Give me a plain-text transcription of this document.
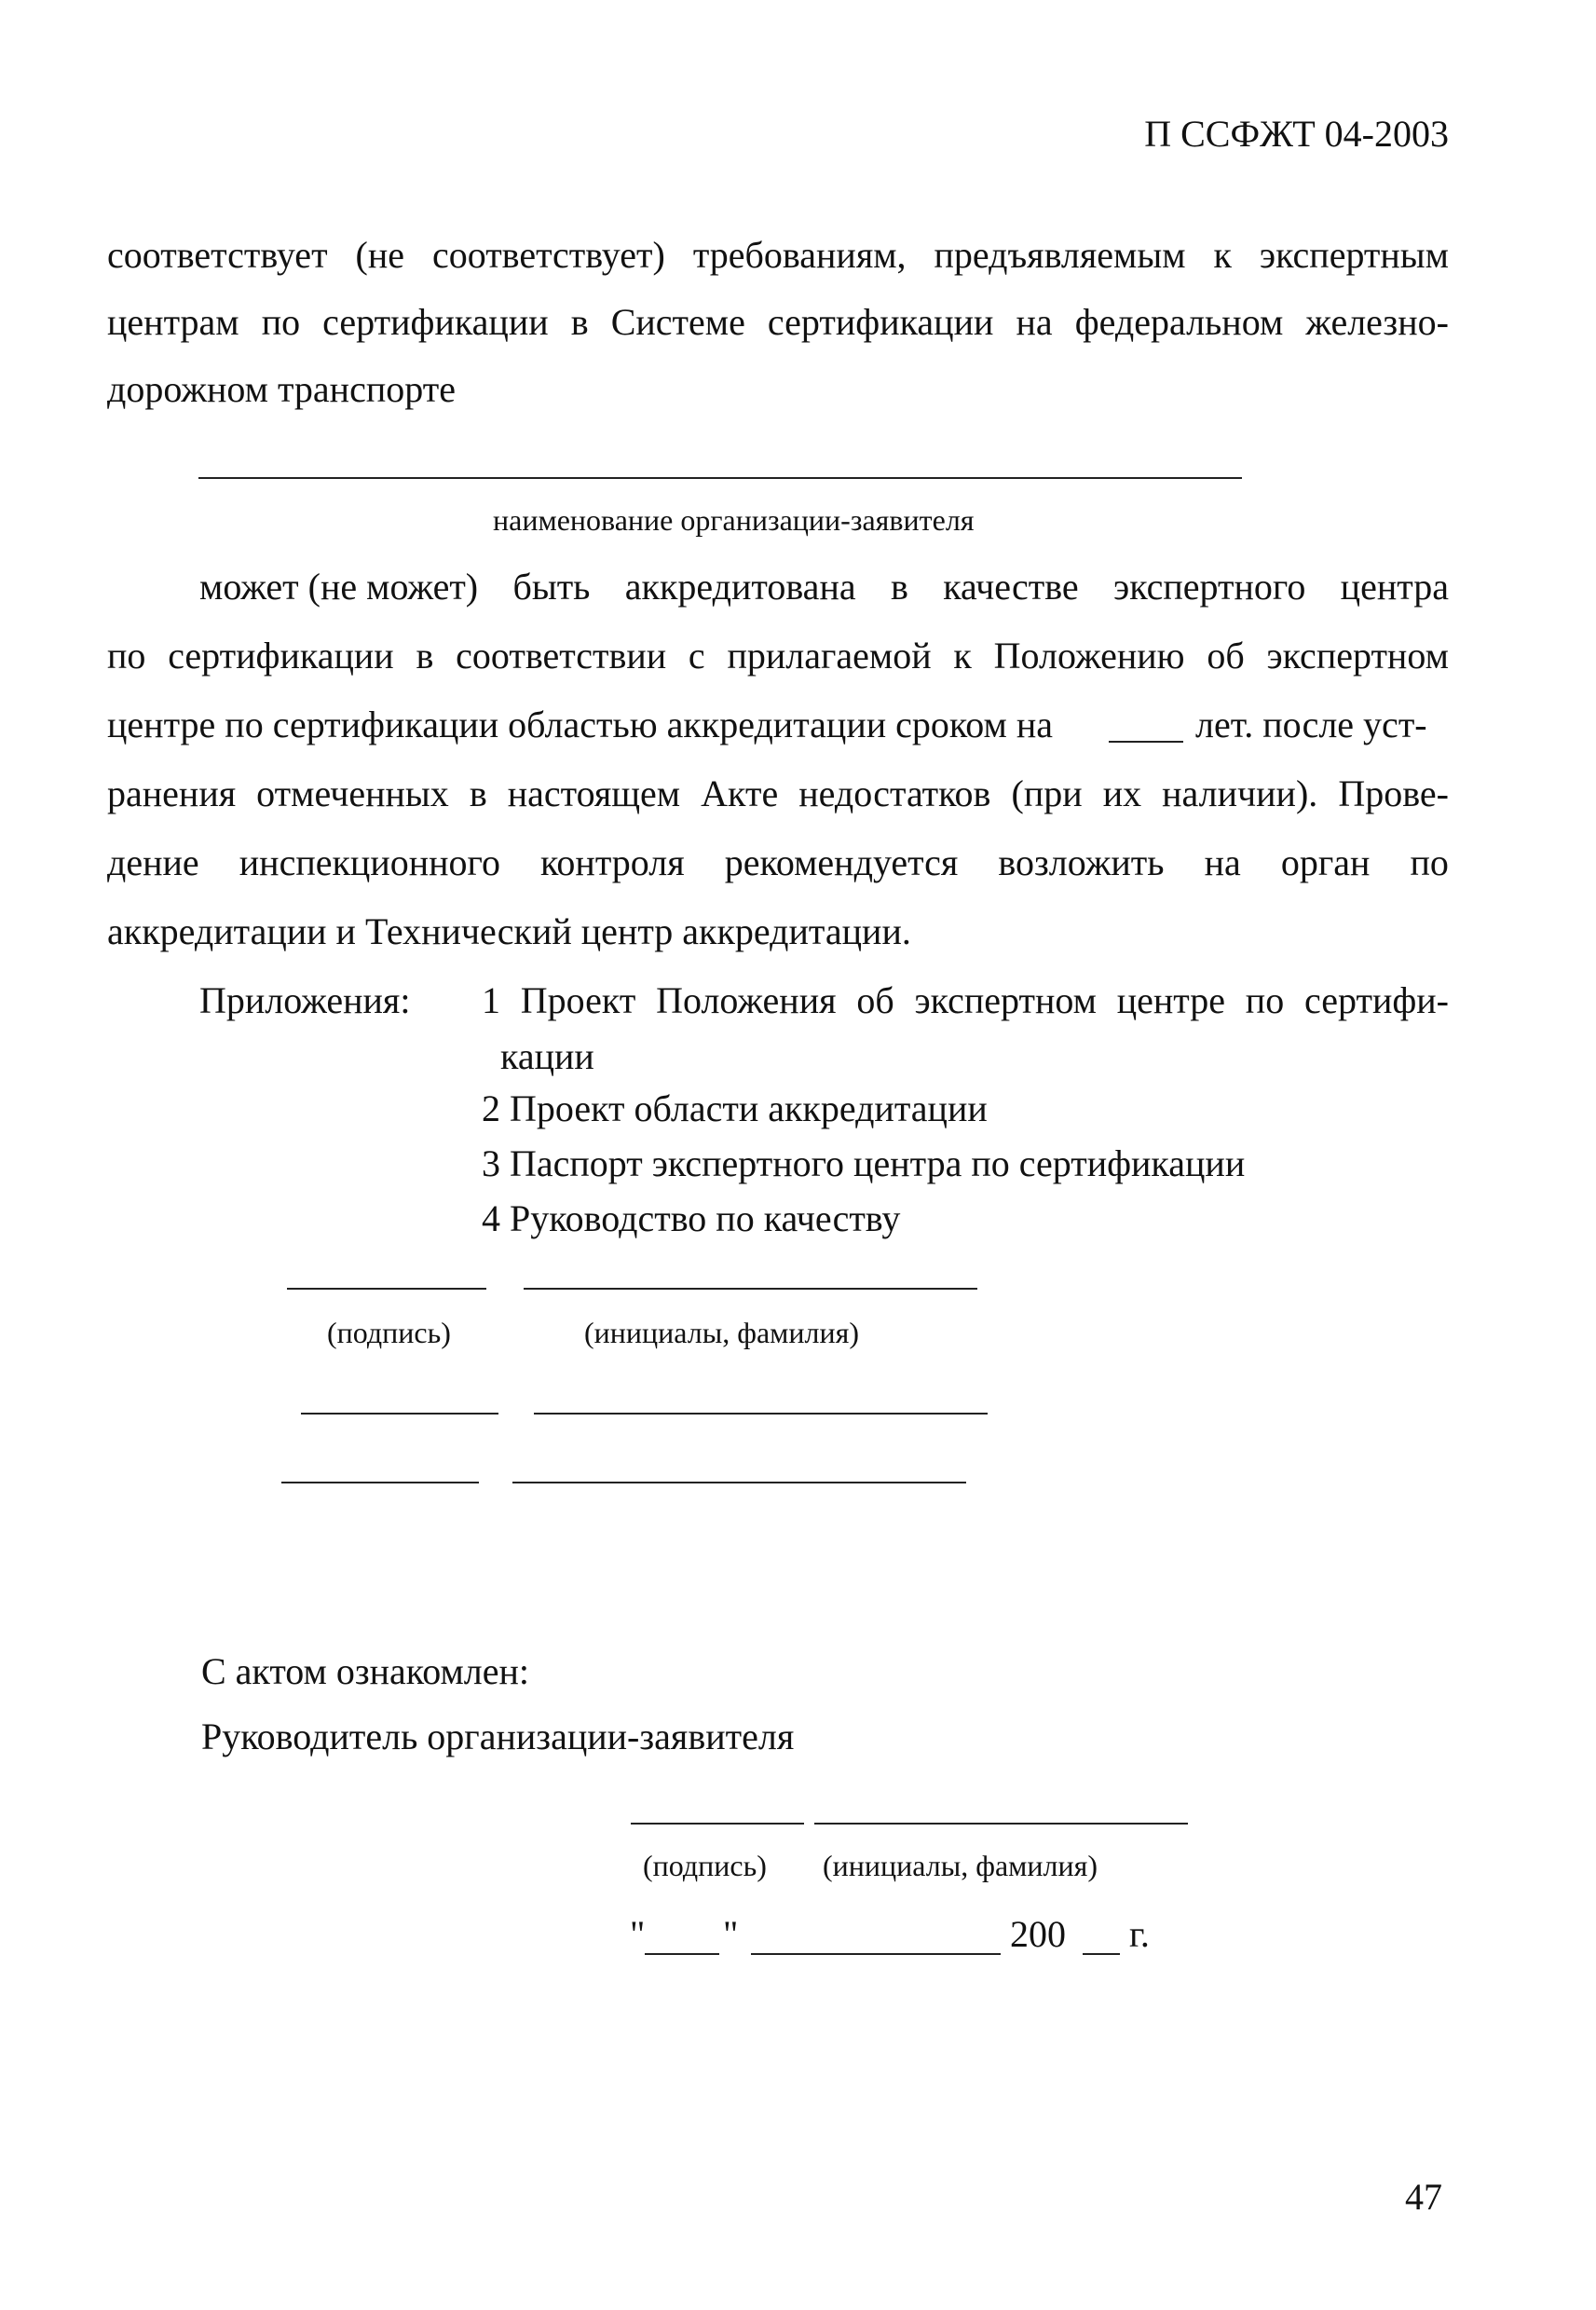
П ССФЖТ 04-2003
соответствует (не соответствует) требованиям, предъявляемым к экспертным
центрам по сертификации в Системе сертификации на федеральном железно-
дорожном транспорте
наименование организации-заявителя
может (не может) быть аккредитована в качестве экспертного центра
по сертификации в соответствии с прилагаемой к Положению об экспертном
центре по сертификации областью аккредитации сроком на	лет. после уст-
ранения отмеченных в настоящем Акте недостатков (при их наличии). Прове-
дение инспекционного контроля рекомендуется возложить на орган по
аккредитации и Технический центр аккредитации.
Приложения: 1 Проект Положения об экспертном центре по сертифи-
кации
2 Проект области аккредитации
3 Паспорт экспертного центра по сертификации
4 Руководство по качеству
(подпись)	(инициалы, фамилия)
С актом ознакомлен:
Руководитель организации-заявителя
(подпись) (инициалы, фамилия)
" "	200 г.
47
